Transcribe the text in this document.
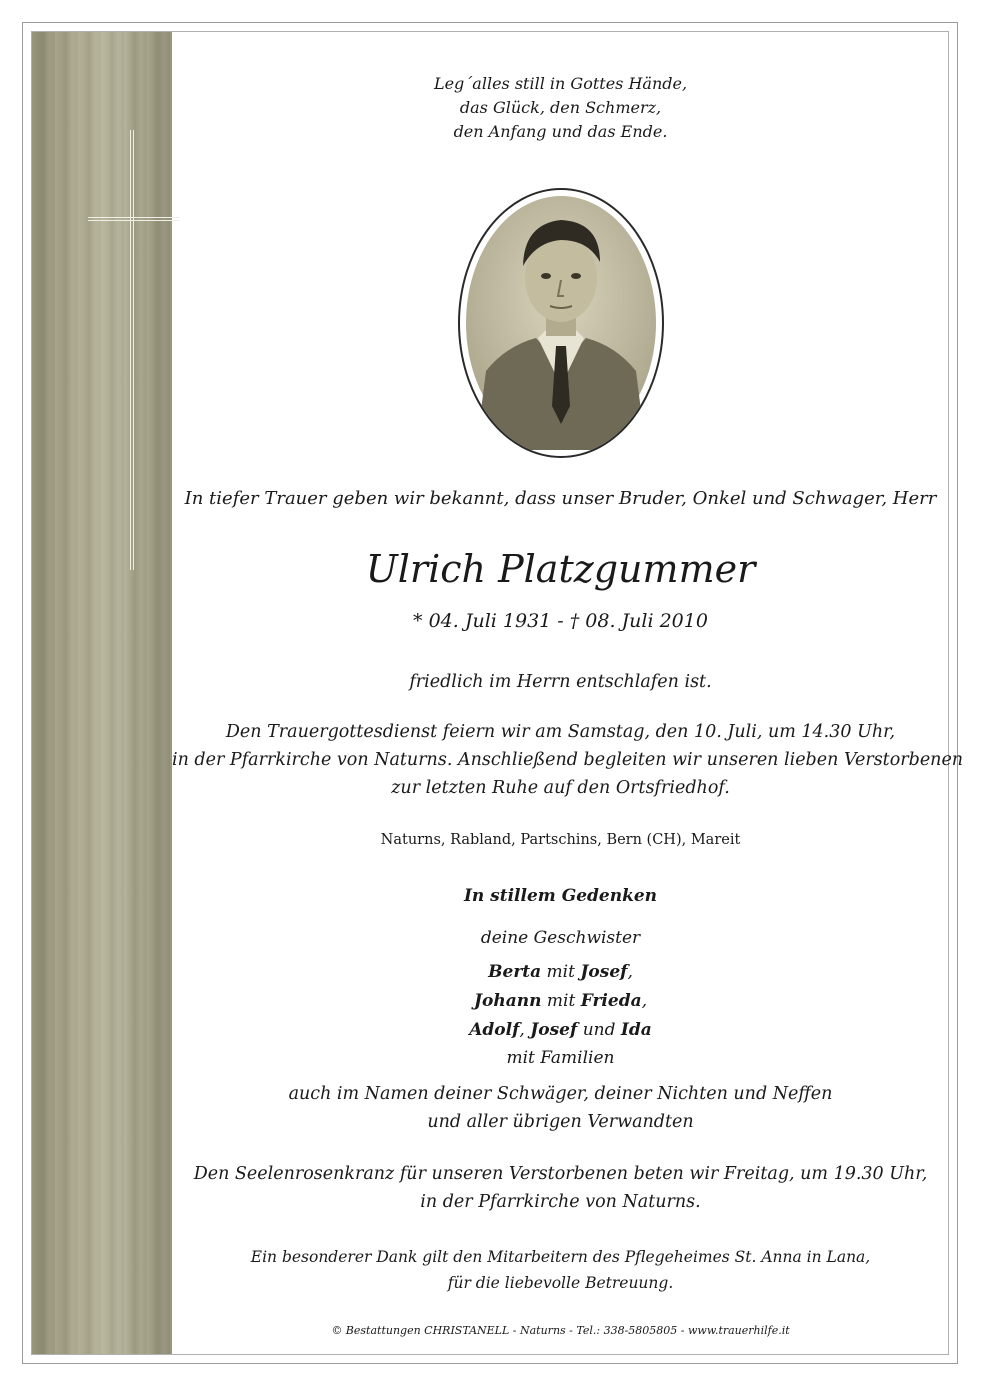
Leg´alles still in Gottes Hände,
das Glück, den Schmerz,
den Anfang und das Ende.
In tiefer Trauer geben wir bekannt, dass unser Bruder, Onkel und Schwager, Herr
Ulrich Platzgummer
* 04. Juli 1931 - † 08. Juli 2010
friedlich im Herrn entschlafen ist.
Den Trauergottesdienst feiern wir am Samstag, den 10. Juli, um 14.30 Uhr,
in der Pfarrkirche von Naturns. Anschließend begleiten wir unseren lieben Verstorbenen
zur letzten Ruhe auf den Ortsfriedhof.
Naturns, Rabland, Partschins, Bern (CH), Mareit
In stillem Gedenken
deine Geschwister
Berta mit Josef,
Johann mit Frieda,
Adolf, Josef und Ida
mit Familien
auch im Namen deiner Schwäger, deiner Nichten und Neffen
und aller übrigen Verwandten
Den Seelenrosenkranz für unseren Verstorbenen beten wir Freitag, um 19.30 Uhr,
in der Pfarrkirche von Naturns.
Ein besonderer Dank gilt den Mitarbeitern des Pflegeheimes St. Anna in Lana,
für die liebevolle Betreuung.
© Bestattungen CHRISTANELL - Naturns - Tel.: 338-5805805 - www.trauerhilfe.it
